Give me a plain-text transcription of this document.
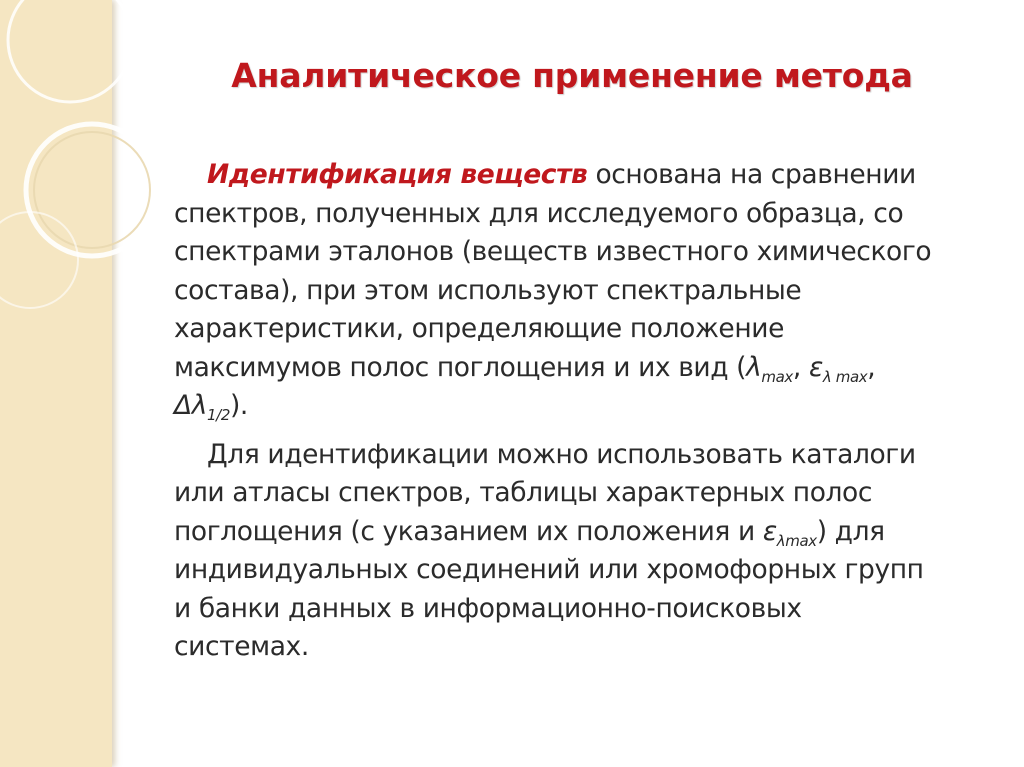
Аналитическое применение метода

Идентификация веществ основана на сравнении
спектров, полученных для исследуемого образца, со
спектрами эталонов (веществ известного химического
состава), при этом используют спектральные
характеристики, определяющие положение
максимумов полос поглощения и их вид ($\lambda_{max}$, $\varepsilon_{\lambda max}$,
$\Delta\lambda_{1/2}$).

Для идентификации можно использовать каталоги
или атласы спектров, таблицы характерных полос
поглощения (с указанием их положения и $\varepsilon_{\lambda max}$) для
индивидуальных соединений или хромофорных групп
и банки данных в информационно-поисковых
системах.
